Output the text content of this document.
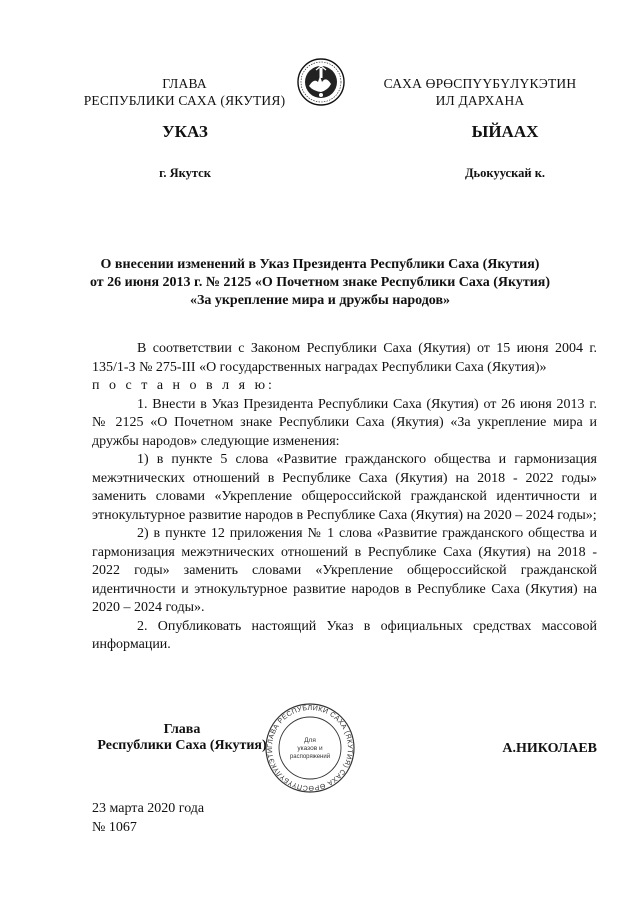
ГЛАВА
РЕСПУБЛИКИ САХА (ЯКУТИЯ)
САХА ӨРӨСПҮҮБҮЛҮКЭТИН
ИЛ ДАРХАНА
УКАЗ	ЫЙААХ
г. Якутск	Дьокуускай к.
О внесении изменений в Указ Президента Республики Саха (Якутия)
от 26 июня 2013 г. № 2125 «О Почетном знаке Республики Саха (Якутия)
«За укрепление мира и дружбы народов»

В соответствии с Законом Республики Саха (Якутия) от 15 июня 2004 г. 135/1-З № 275-III «О государственных наградах Республики Саха (Якутия)»

п о с т а н о в л я ю:

1. Внести в Указ Президента Республики Саха (Якутия) от 26 июня 2013 г. № 2125 «О Почетном знаке Республики Саха (Якутия) «За укрепление мира и дружбы народов» следующие изменения:

1) в пункте 5 слова «Развитие гражданского общества и гармонизация межэтнических отношений в Республике Саха (Якутия) на 2018 - 2022 годы» заменить словами «Укрепление общероссийской гражданской идентичности и этнокультурное развитие народов в Республике Саха (Якутия) на 2020 – 2024 годы»;

2) в пункте 12 приложения № 1 слова «Развитие гражданского общества и гармонизация межэтнических отношений в Республике Саха (Якутия) на 2018 - 2022 годы» заменить словами «Укрепление общероссийской гражданской идентичности и этнокультурное развитие народов в Республике Саха (Якутия) на 2020 – 2024 годы».

2. Опубликовать настоящий Указ в официальных средствах массовой информации.

Глава
Республики Саха (Якутия) ГЛАВА РЕСПУБЛИКИ САХА (ЯКУТИЯ) САХА ӨРӨСПҮҮБҮЛҮКЭТИ
Для
указов и
распоряжений
А.НИКОЛАЕВ
23 марта 2020 года
№ 1067
